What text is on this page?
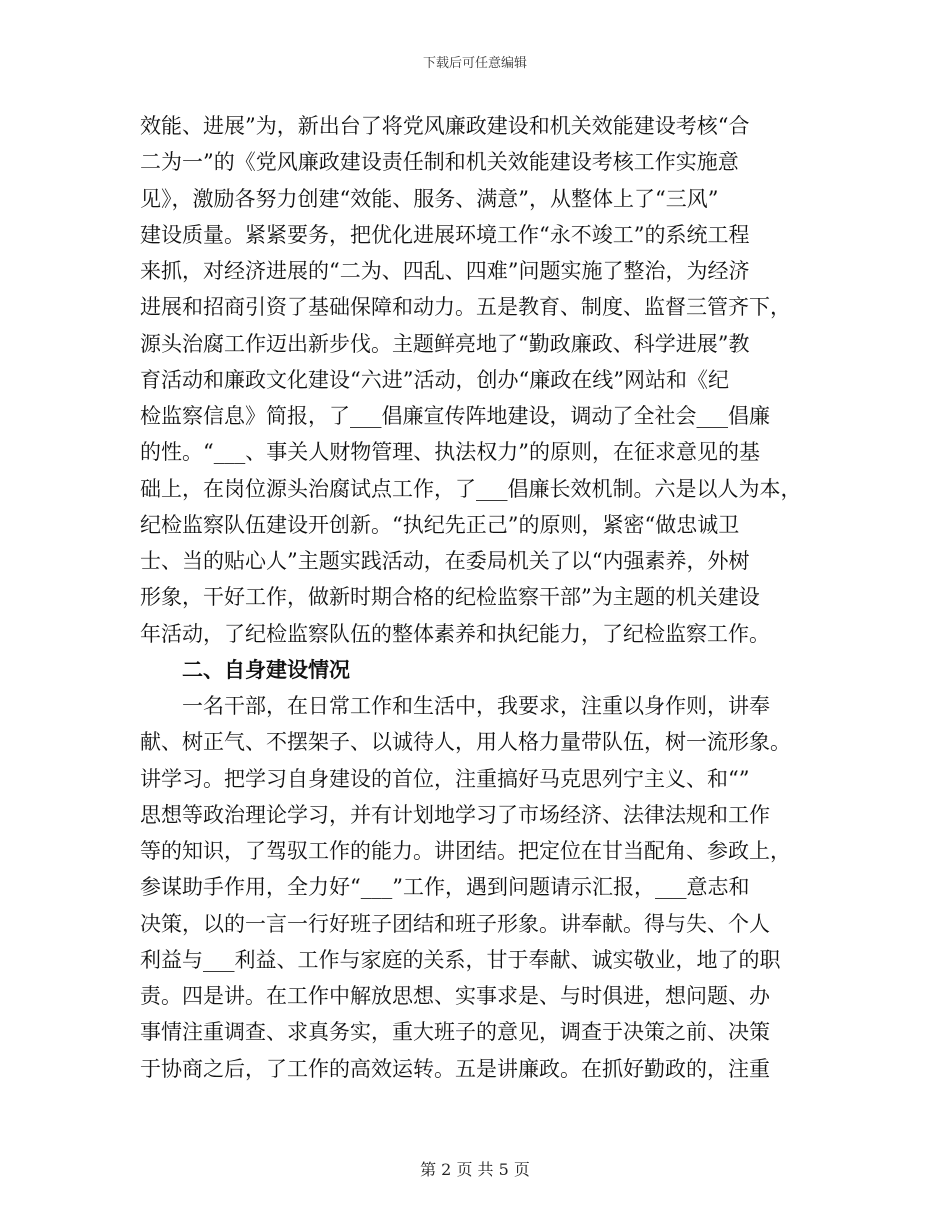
下载后可任意编辑
效能、进展”为，新出台了将党风廉政建设和机关效能建设考核“合
二为一”的《党风廉政建设责任制和机关效能建设考核工作实施意
见》，激励各努力创建“效能、服务、满意”，从整体上了“三风”
建设质量。紧紧要务，把优化进展环境工作“永不竣工”的系统工程
来抓，对经济进展的“二为、四乱、四难”问题实施了整治，为经济
进展和招商引资了基础保障和动力。五是教育、制度、监督三管齐下，
源头治腐工作迈出新步伐。主题鲜亮地了“勤政廉政、科学进展”教
育活动和廉政文化建设“六进”活动，创办“廉政在线”网站和《纪
检监察信息》简报，了___倡廉宣传阵地建设，调动了全社会___倡廉
的性。“___、事关人财物管理、执法权力”的原则，在征求意见的基
础上，在岗位源头治腐试点工作，了___倡廉长效机制。六是以人为本，
纪检监察队伍建设开创新。“执纪先正己”的原则，紧密“做忠诚卫
士、当的贴心人”主题实践活动，在委局机关了以“内强素养，外树
形象，干好工作，做新时期合格的纪检监察干部”为主题的机关建设
年活动，了纪检监察队伍的整体素养和执纪能力，了纪检监察工作。
二、自身建设情况
一名干部，在日常工作和生活中，我要求，注重以身作则，讲奉
献、树正气、不摆架子、以诚待人，用人格力量带队伍，树一流形象。
讲学习。把学习自身建设的首位，注重搞好马克思列宁主义、和“”
思想等政治理论学习，并有计划地学习了市场经济、法律法规和工作
等的知识，了驾驭工作的能力。讲团结。把定位在甘当配角、参政上，
参谋助手作用，全力好“___”工作，遇到问题请示汇报，___意志和
决策，以的一言一行好班子团结和班子形象。讲奉献。得与失、个人
利益与___利益、工作与家庭的关系，甘于奉献、诚实敬业，地了的职
责。四是讲。在工作中解放思想、实事求是、与时俱进，想问题、办
事情注重调查、求真务实，重大班子的意见，调查于决策之前、决策
于协商之后，了工作的高效运转。五是讲廉政。在抓好勤政的，注重
第 2 页 共 5 页
